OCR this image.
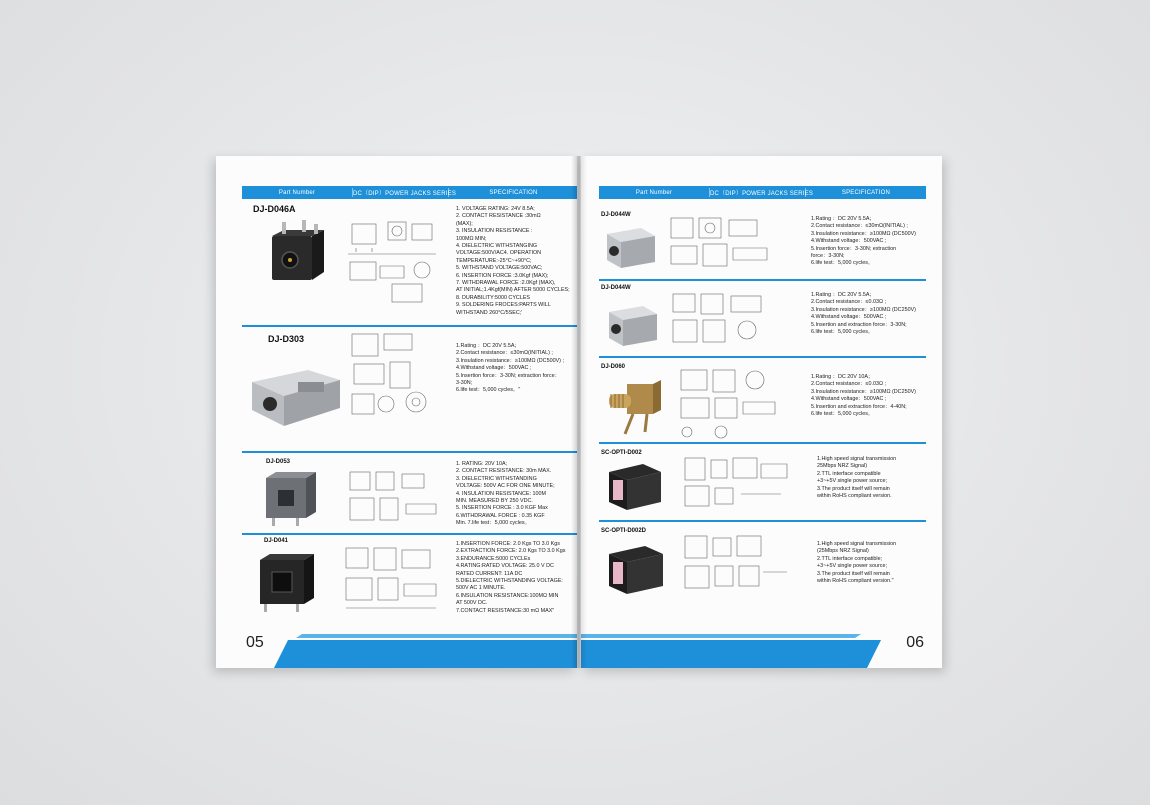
Part Number	DC（DIP）POWER JACKS SERIES	SPECIFICATION
DJ-D046A	1. VOLTAGE RATING: 24V 8.5A;
2. CONTACT RESISTANCE :30mΩ
(MAX);
3. INSULATION RESISTANCE :
100MΩ MIN;
4. DIELECTRIC WITHSTANGING
VOLTAGE:500V/AC4. OPERATION
TEMPERATURE:-25°C~+90°C;
5. WITHSTAND VOLTAGE:500VAC;
6. INSERTION FORCE :3.0Kgf (MAX);
7. WITHDRAWAL FORCE :2.0Kgf (MAX),
AT INITIAL;1.4Kgf(MIN) AFTER 5000 CYCLES;
8. DURABILITY:5000 CYCLES
9. SOLDERING FROCES:PARTS WILL
WITHSTAND 260°C/5SEC;'
DJ-D303
1.Rating ：DC 20V 5.5A；
2.Contact resistance：≤30mΩ(INITIAL) ;
3.Insulation resistance：≥100MΩ (DC500V) ;
4.Withstand voltage：500VAC ;
5.Insertion force：3-30N; extraction force：
3-30N;
6.life test：5,000 cycles。"
DJ-D053	1. RATING: 20V 10A;
2. CONTACT RESISTANCE: 30m MAX.
3. DIELECTRIC WITHSTANDING
VOLTAGE: 500V AC FOR ONE MINUTE;
4. INSULATION RESISTANCE: 100M
MIN. MEASURED BY 250 VDC.
5. INSERTION FORCE : 3.0 KGF Max
6.WITHDRAWAL FORCE : 0.35 KGF
Min. 7.life test：5,000 cycles。
DJ-D041	1.INSERTION FORCE: 2.0 Kgs TO 3.0 Kgs
2.EXTRACTION FORCE: 2.0 Kgs TO 3.0 Kgs
3.ENDURANCE:5000 CYCLEs
4.RATING:RATED VOLTAGE: 25.0 V DC
RATED CURRENT: 11A DC
5.DIELECTRIC WITHSTANDING VOLTAGE:
500V AC 1 MINUTE.
6.INSULATION RESISTANCE:100MΩ MIN
AT 500V DC.
7.CONTACT RESISTANCE:30 mΩ MAX"
05
Part Number	DC（DIP）POWER JACKS SERIES	SPECIFICATION
DJ-D044W
1.Rating ：DC 20V 5.5A；
2.Contact resistance：≤30mΩ(INITIAL) ;
3.Insulation resistance：≥100MΩ (DC500V)
4.Withstand voltage：500VAC ;
5.Insertion force：3-30N; extraction
force：3-30N;
6.life test：5,000 cycles。
DJ-D044W
1.Rating ：DC 20V 5.5A；
2.Contact resistance：≤0.03Ω ;
3.Insulation resistance：≥100MΩ (DC250V)
4.Withstand voltage：500VAC ;
5.Insertion and extraction force：3-30N;
6.life test：5,000 cycles。
DJ-D060
1.Rating ：DC 20V 10A；
2.Contact resistance：≤0.03Ω ;
3.Insulation resistance：≥100MΩ (DC250V)
4.Withstand voltage：500VAC ;
5.Insertion and extraction force：4-40N;
6.life test：5,000 cycles。
SC-OPTI-D002
1.High speed signal transmission
25Mbps NRZ Signal)
2.TTL interface compatible
+3~+5V single power source;
3.The product itself will remain
within RoHS compliant version.
SC-OPTI-D002D
1.High speed signal transmission
(25Mbps NRZ Signal)
2.TTL interface compatible;
+3~+5V single power source;
3.The product itself will remain
within RoHS compliant version."
06
